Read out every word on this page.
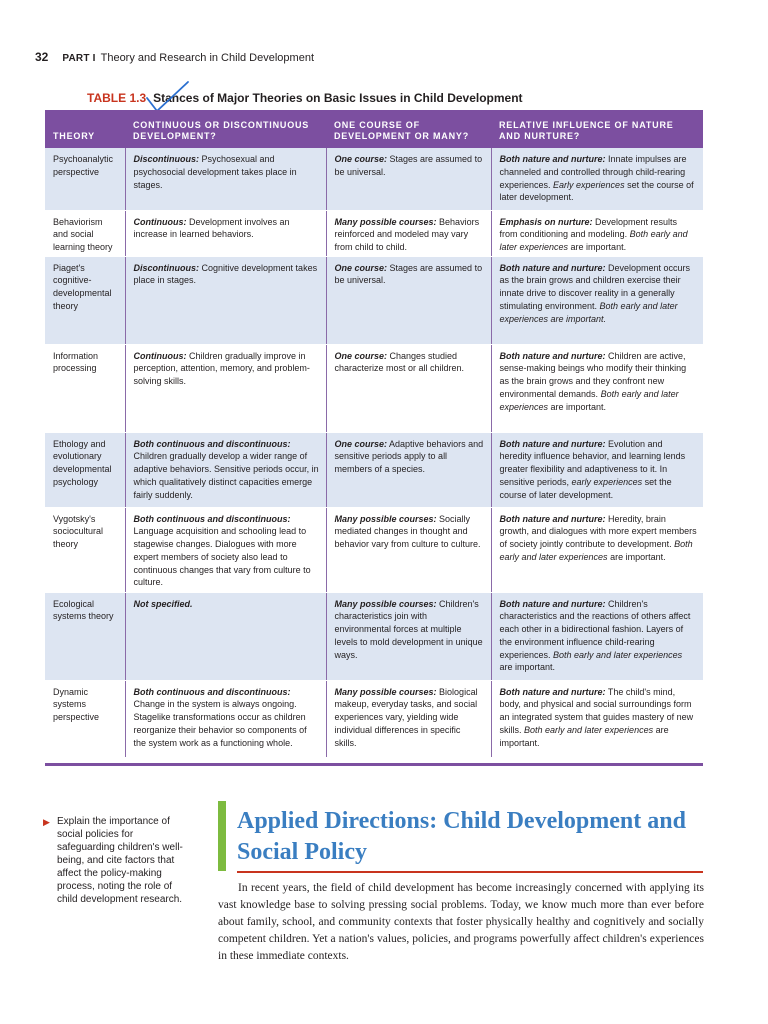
32 PART I Theory and Research in Child Development
TABLE 1.3 Stances of Major Theories on Basic Issues in Child Development
THEORY	CONTINUOUS OR DISCONTINUOUS DEVELOPMENT?	ONE COURSE OF DEVELOPMENT OR MANY?	RELATIVE INFLUENCE OF NATURE AND NURTURE?
Psychoanalytic perspective	Discontinuous: Psychosexual and psychosocial development takes place in stages.	One course: Stages are assumed to be universal.	Both nature and nurture: Innate impulses are channeled and controlled through child-rearing experiences. Early experiences set the course of later development.
Behaviorism and social learning theory	Continuous: Development involves an increase in learned behaviors.	Many possible courses: Behaviors reinforced and modeled may vary from child to child.	Emphasis on nurture: Development results from conditioning and modeling. Both early and later experiences are important.
Piaget's cognitive-developmental theory	Discontinuous: Cognitive development takes place in stages.	One course: Stages are assumed to be universal.	Both nature and nurture: Development occurs as the brain grows and children exercise their innate drive to discover reality in a generally stimulating environment. Both early and later experiences are important.
Information processing	Continuous: Children gradually improve in perception, attention, memory, and problem-solving skills.	One course: Changes studied characterize most or all children.	Both nature and nurture: Children are active, sense-making beings who modify their thinking as the brain grows and they confront new environmental demands. Both early and later experiences are important.
Ethology and evolutionary developmental psychology	Both continuous and discontinuous: Children gradually develop a wider range of adaptive behaviors. Sensitive periods occur, in which qualitatively distinct capacities emerge fairly suddenly.	One course: Adaptive behaviors and sensitive periods apply to all members of a species.	Both nature and nurture: Evolution and heredity influence behavior, and learning lends greater flexibility and adaptiveness to it. In sensitive periods, early experiences set the course of later development.
Vygotsky's sociocultural theory	Both continuous and discontinuous: Language acquisition and schooling lead to stagewise changes. Dialogues with more expert members of society also lead to continuous changes that vary from culture to culture.	Many possible courses: Socially mediated changes in thought and behavior vary from culture to culture.	Both nature and nurture: Heredity, brain growth, and dialogues with more expert members of society jointly contribute to development. Both early and later experiences are important.
Ecological systems theory	Not specified.	Many possible courses: Children's characteristics join with environmental forces at multiple levels to mold development in unique ways.	Both nature and nurture: Children's characteristics and the reactions of others affect each other in a bidirectional fashion. Layers of the environment influence child-rearing experiences. Both early and later experiences are important.
Dynamic systems perspective	Both continuous and discontinuous: Change in the system is always ongoing. Stagelike transformations occur as children reorganize their behavior so components of the system work as a functioning whole.	Many possible courses: Biological makeup, everyday tasks, and social experiences vary, yielding wide individual differences in specific skills.	Both nature and nurture: The child's mind, body, and physical and social surroundings form an integrated system that guides mastery of new skills. Both early and later experiences are important.
▶ Explain the importance of social policies for safeguarding children's well-being, and cite factors that affect the policy-making process, noting the role of child development research.
Applied Directions: Child Development and Social Policy

In recent years, the field of child development has become increasingly concerned with applying its vast knowledge base to solving pressing social problems. Today, we know much more than ever before about family, school, and community contexts that foster physically healthy and cognitively and socially competent children. Yet a nation's values, policies, and programs powerfully affect children's experiences in these immediate contexts.
